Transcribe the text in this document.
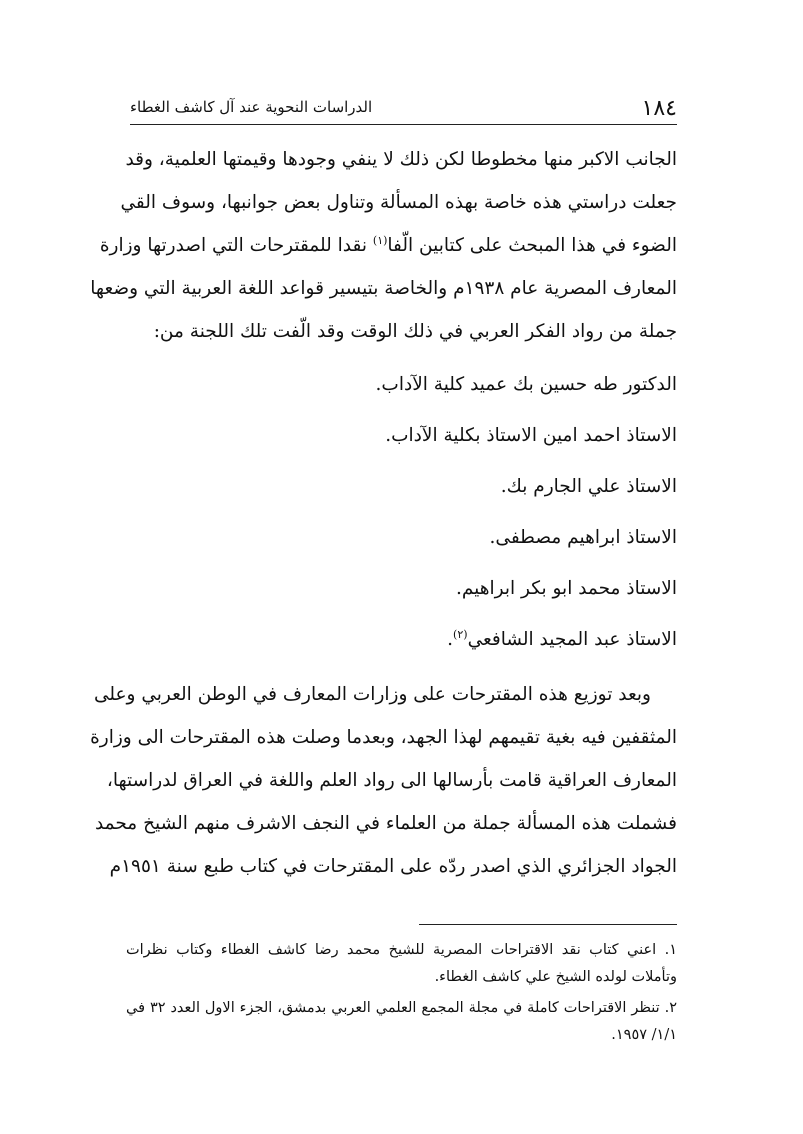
١٨٤
الدراسات النحوية عند آل كاشف الغطاء
الجانب الاكبر منها مخطوطا لكن ذلك لا ينفي وجودها وقيمتها العلمية، وقد
جعلت دراستي هذه خاصة بهذه المسألة وتناول بعض جوانبها، وسوف القي
الضوء في هذا المبحث على كتابين الّفا$^{(١)}$ نقدا للمقترحات التي اصدرتها وزارة
المعارف المصرية عام ١٩٣٨م والخاصة بتيسير قواعد اللغة العربية التي وضعها
جملة من رواد الفكر العربي في ذلك الوقت وقد الّفت تلك اللجنة من:
الدكتور طه حسين بك عميد كلية الآداب.
الاستاذ احمد امين الاستاذ بكلية الآداب.
الاستاذ علي الجارم بك.
الاستاذ ابراهيم مصطفى.
الاستاذ محمد ابو بكر ابراهيم.
الاستاذ عبد المجيد الشافعي$^{(٢)}$.
وبعد توزيع هذه المقترحات على وزارات المعارف في الوطن العربي وعلى
المثقفين فيه بغية تقيمهم لهذا الجهد، وبعدما وصلت هذه المقترحات الى وزارة
المعارف العراقية قامت بأرسالها الى رواد العلم واللغة في العراق لدراستها،
فشملت هذه المسألة جملة من العلماء في النجف الاشرف منهم الشيخ محمد
الجواد الجزائري الذي اصدر ردّه على المقترحات في كتاب طبع سنة ١٩٥١م
١. اعني كتاب نقد الاقتراحات المصرية للشيخ محمد رضا كاشف الغطاء وكتاب نظرات
وتأملات لولده الشيخ علي كاشف الغطاء.
٢. تنظر الاقتراحات كاملة في مجلة المجمع العلمي العربي بدمشق، الجزء الاول العدد ٣٢ في
١/١/ ١٩٥٧.
